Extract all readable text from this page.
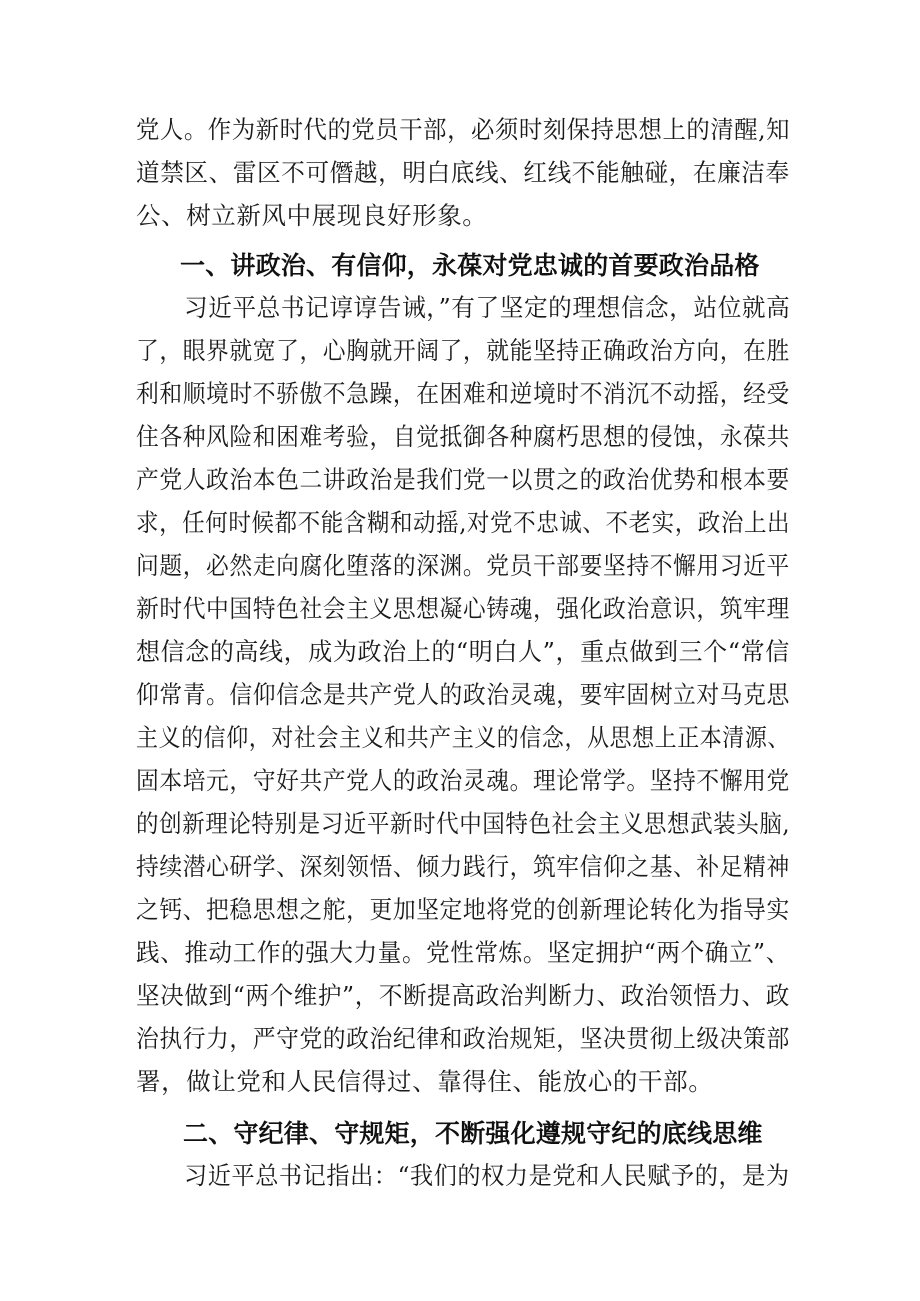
党人。作为新时代的党员干部，必须时刻保持思想上的清醒,知
道禁区、雷区不可僭越，明白底线、红线不能触碰，在廉洁奉
公、树立新风中展现良好形象。
一、讲政治、有信仰，永葆对党忠诚的首要政治品格
习近平总书记谆谆告诫，”有了坚定的理想信念，站位就高
了，眼界就宽了，心胸就开阔了，就能坚持正确政治方向，在胜
利和顺境时不骄傲不急躁，在困难和逆境时不消沉不动摇，经受
住各种风险和困难考验，自觉抵御各种腐朽思想的侵蚀，永葆共
产党人政治本色二讲政治是我们党一以贯之的政治优势和根本要
求，任何时候都不能含糊和动摇,对党不忠诚、不老实，政治上出
问题，必然走向腐化堕落的深渊。党员干部要坚持不懈用习近平
新时代中国特色社会主义思想凝心铸魂，强化政治意识，筑牢理
想信念的高线，成为政治上的“明白人”，重点做到三个“常信
仰常青。信仰信念是共产党人的政治灵魂，要牢固树立对马克思
主义的信仰，对社会主义和共产主义的信念，从思想上正本清源、
固本培元，守好共产党人的政治灵魂。理论常学。坚持不懈用党
的创新理论特别是习近平新时代中国特色社会主义思想武装头脑,
持续潜心研学、深刻领悟、倾力践行，筑牢信仰之基、补足精神
之钙、把稳思想之舵，更加坚定地将党的创新理论转化为指导实
践、推动工作的强大力量。党性常炼。坚定拥护“两个确立”、
坚决做到“两个维护”，不断提高政治判断力、政治领悟力、政
治执行力，严守党的政治纪律和政治规矩，坚决贯彻上级决策部
署，做让党和人民信得过、靠得住、能放心的干部。
二、守纪律、守规矩，不断强化遵规守纪的底线思维
习近平总书记指出：“我们的权力是党和人民赋予的，是为
